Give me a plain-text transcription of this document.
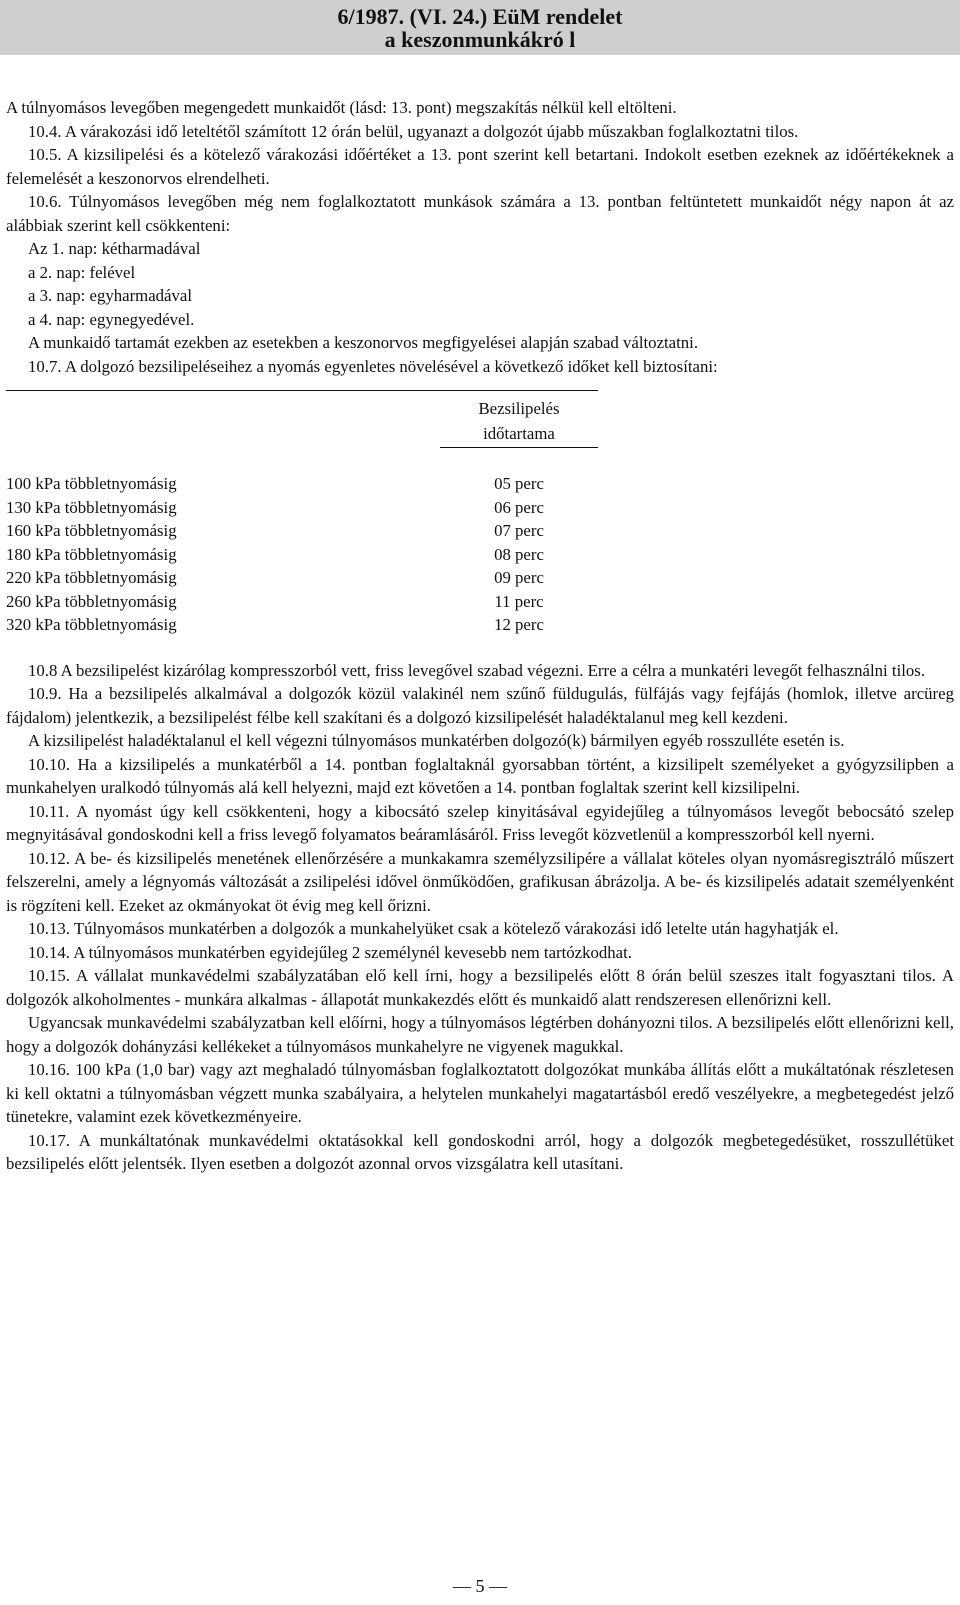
6/1987. (VI. 24.) EüM rendelet
a keszonmunkákró l

A túlnyomásos levegőben megengedett munkaidőt (lásd: 13. pont) megszakítás nélkül kell eltölteni.

10.4. A várakozási idő leteltétől számított 12 órán belül, ugyanazt a dolgozót újabb műszakban foglalkoztatni tilos.

10.5. A kizsilipelési és a kötelező várakozási időértéket a 13. pont szerint kell betartani. Indokolt esetben ezeknek az időértékeknek a felemelését a keszonorvos elrendelheti.

10.6. Túlnyomásos levegőben még nem foglalkoztatott munkások számára a 13. pontban feltüntetett munkaidőt négy napon át az alábbiak szerint kell csökkenteni:

Az 1. nap: kétharmadával

a 2. nap: felével

a 3. nap: egyharmadával

a 4. nap: egynegyedével.

A munkaidő tartamát ezekben az esetekben a keszonorvos megfigyelései alapján szabad változtatni.

10.7. A dolgozó bezsilipeléseihez a nyomás egyenletes növelésével a következő időket kell biztosítani:

Bezsilipelés
időtartama
100 kPa többletnyomásig	05 perc
130 kPa többletnyomásig	06 perc
160 kPa többletnyomásig	07 perc
180 kPa többletnyomásig	08 perc
220 kPa többletnyomásig	09 perc
260 kPa többletnyomásig	11 perc
320 kPa többletnyomásig	12 perc

10.8 A bezsilipelést kizárólag kompresszorból vett, friss levegővel szabad végezni. Erre a célra a munkatéri levegőt felhasználni tilos.

10.9. Ha a bezsilipelés alkalmával a dolgozók közül valakinél nem szűnő füldugulás, fülfájás vagy fejfájás (homlok, illetve arcüreg fájdalom) jelentkezik, a bezsilipelést félbe kell szakítani és a dolgozó kizsilipelését haladéktalanul meg kell kezdeni.

A kizsilipelést haladéktalanul el kell végezni túlnyomásos munkatérben dolgozó(k) bármilyen egyéb rosszulléte esetén is.

10.10. Ha a kizsilipelés a munkatérből a 14. pontban foglaltaknál gyorsabban történt, a kizsilipelt személyeket a gyógyzsilipben a munkahelyen uralkodó túlnyomás alá kell helyezni, majd ezt követően a 14. pontban foglaltak szerint kell kizsilipelni.

10.11. A nyomást úgy kell csökkenteni, hogy a kibocsátó szelep kinyitásával egyidejűleg a túlnyomásos levegőt bebocsátó szelep megnyitásával gondoskodni kell a friss levegő folyamatos beáramlásáról. Friss levegőt közvetlenül a kompresszorból kell nyerni.

10.12. A be- és kizsilipelés menetének ellenőrzésére a munkakamra személyzsilipére a vállalat köteles olyan nyomásregisztráló műszert felszerelni, amely a légnyomás változását a zsilipelési idővel önműködően, grafikusan ábrázolja. A be- és kizsilipelés adatait személyenként is rögzíteni kell. Ezeket az okmányokat öt évig meg kell őrizni.

10.13. Túlnyomásos munkatérben a dolgozók a munkahelyüket csak a kötelező várakozási idő letelte után hagyhatják el.

10.14. A túlnyomásos munkatérben egyidejűleg 2 személynél kevesebb nem tartózkodhat.

10.15. A vállalat munkavédelmi szabályzatában elő kell írni, hogy a bezsilipelés előtt 8 órán belül szeszes italt fogyasztani tilos. A dolgozók alkoholmentes - munkára alkalmas - állapotát munkakezdés előtt és munkaidő alatt rendszeresen ellenőrizni kell.

Ugyancsak munkavédelmi szabályzatban kell előírni, hogy a túlnyomásos légtérben dohányozni tilos. A bezsilipelés előtt ellenőrizni kell, hogy a dolgozók dohányzási kellékeket a túlnyomásos munkahelyre ne vigyenek magukkal.

10.16. 100 kPa (1,0 bar) vagy azt meghaladó túlnyomásban foglalkoztatott dolgozókat munkába állítás előtt a mukáltatónak részletesen ki kell oktatni a túlnyomásban végzett munka szabályaira, a helytelen munkahelyi magatartásból eredő veszélyekre, a megbetegedést jelző tünetekre, valamint ezek következményeire.

10.17. A munkáltatónak munkavédelmi oktatásokkal kell gondoskodni arról, hogy a dolgozók megbetegedésüket, rosszullétüket bezsilipelés előtt jelentsék. Ilyen esetben a dolgozót azonnal orvos vizsgálatra kell utasítani.

— 5 —
